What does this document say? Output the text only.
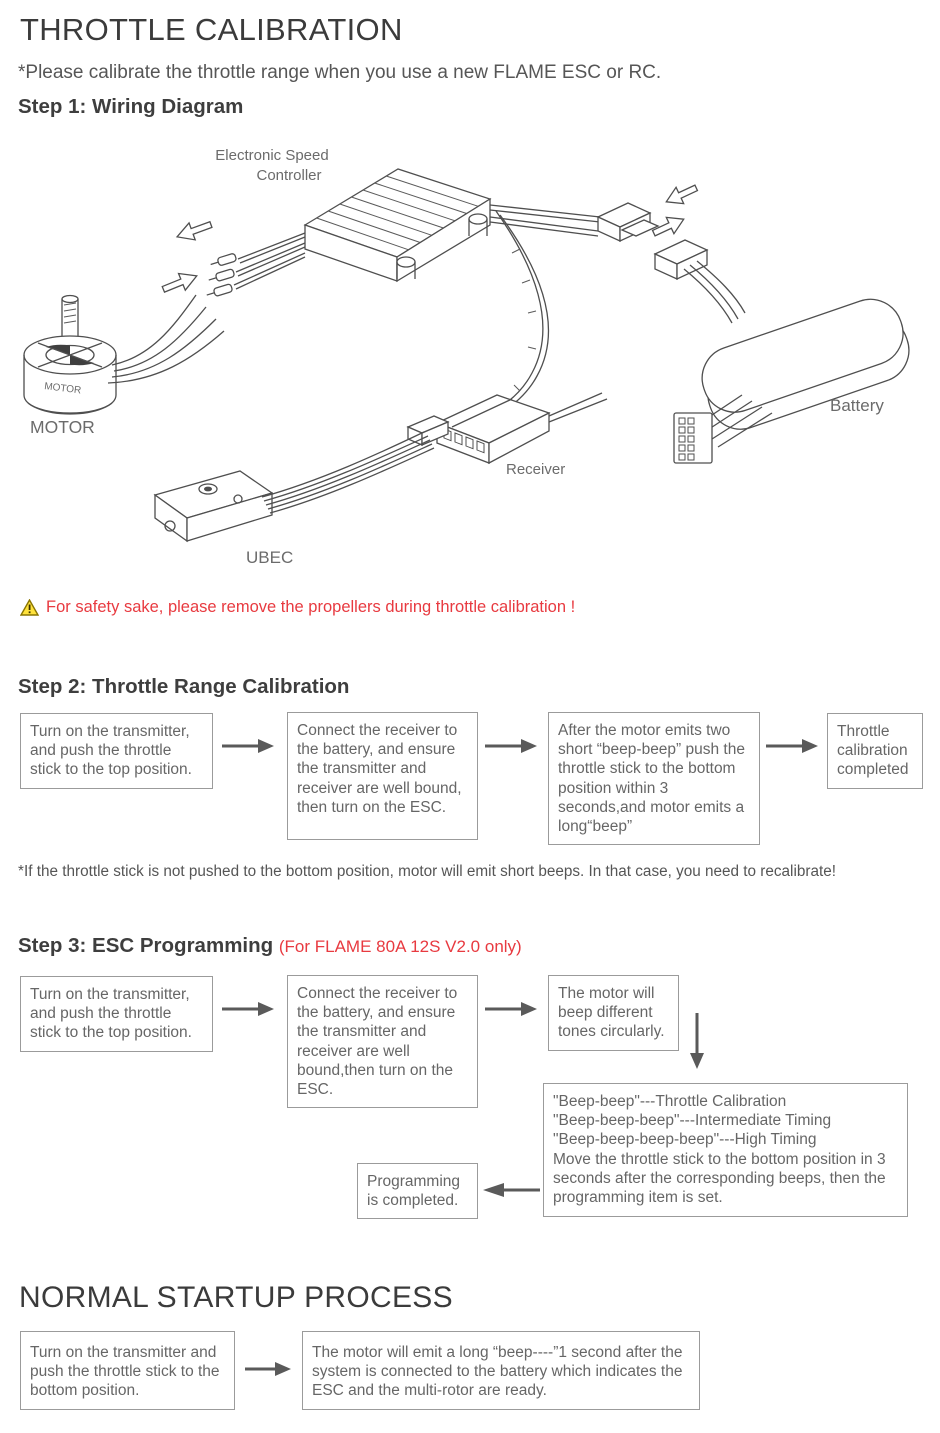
THROTTLE CALIBRATION
*Please calibrate the throttle range when you use a new FLAME ESC or RC.
Step 1: Wiring Diagram
Electronic Speed
Controller
Battery
Receiver
UBEC
MOTOR
MOTOR
For safety sake, please remove the propellers during throttle calibration !
Step 2: Throttle Range Calibration
Turn on the transmitter, and push the throttle stick to the top position.
Connect the receiver to the battery, and ensure the transmitter and receiver are well bound, then turn on the ESC.
After the motor emits two short “beep-beep” push the throttle stick to the bottom position within 3 seconds,and motor emits a long“beep”
Throttle calibration completed
*If the throttle stick is not pushed to the bottom position, motor will emit short beeps. In that case, you need to recalibrate!
Step 3: ESC Programming (For FLAME 80A 12S V2.0 only)
Turn on the transmitter, and push the throttle stick to the top position.
Connect the receiver to the battery, and ensure the transmitter and receiver are well bound,then turn on the ESC.
The motor will beep different tones circularly.
"Beep-beep"---Throttle Calibration
"Beep-beep-beep"---Intermediate Timing
"Beep-beep-beep-beep"---High Timing
Move the throttle stick to the bottom position in 3 seconds after the corresponding beeps, then the programming item is set.
Programming is completed.
NORMAL STARTUP PROCESS
Turn on the transmitter and push the throttle stick to the bottom position.
The motor will emit a long “beep----”1 second after the system is connected to the battery which indicates the ESC and the multi-rotor are ready.
